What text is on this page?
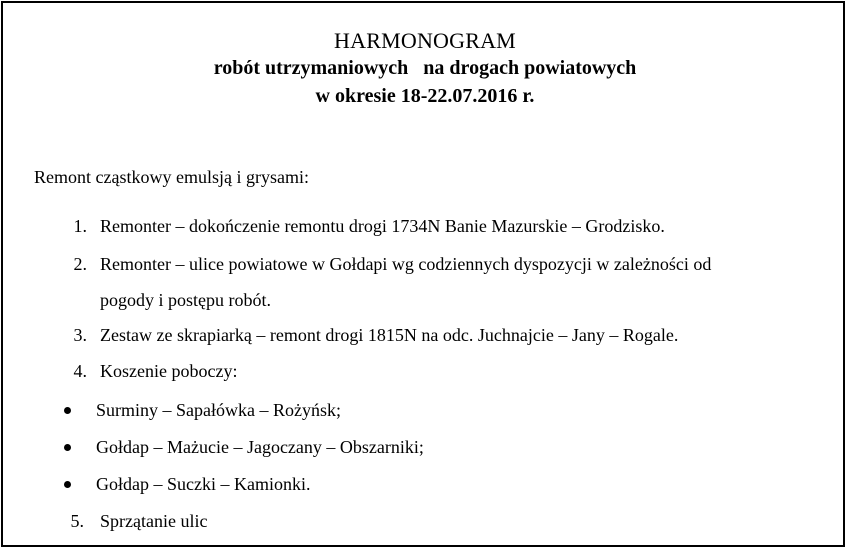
HARMONOGRAM
robót utrzymaniowych   na drogach powiatowych
w okresie 18-22.07.2016 r.
Remont cząstkowy emulsją i grysami:
1. Remonter – dokończenie remontu drogi 1734N Banie Mazurskie – Grodzisko.
2. Remonter – ulice powiatowe w Gołdapi wg codziennych dyspozycji w zależności od
pogody i postępu robót.
3. Zestaw ze skrapiarką – remont drogi 1815N na odc. Juchnajcie – Jany – Rogale.
4. Koszenie poboczy:
Surminy – Sapałówka – Rożyńsk;
Gołdap – Mażucie – Jagoczany – Obszarniki;
Gołdap – Suczki – Kamionki.
5. Sprzątanie ulic
